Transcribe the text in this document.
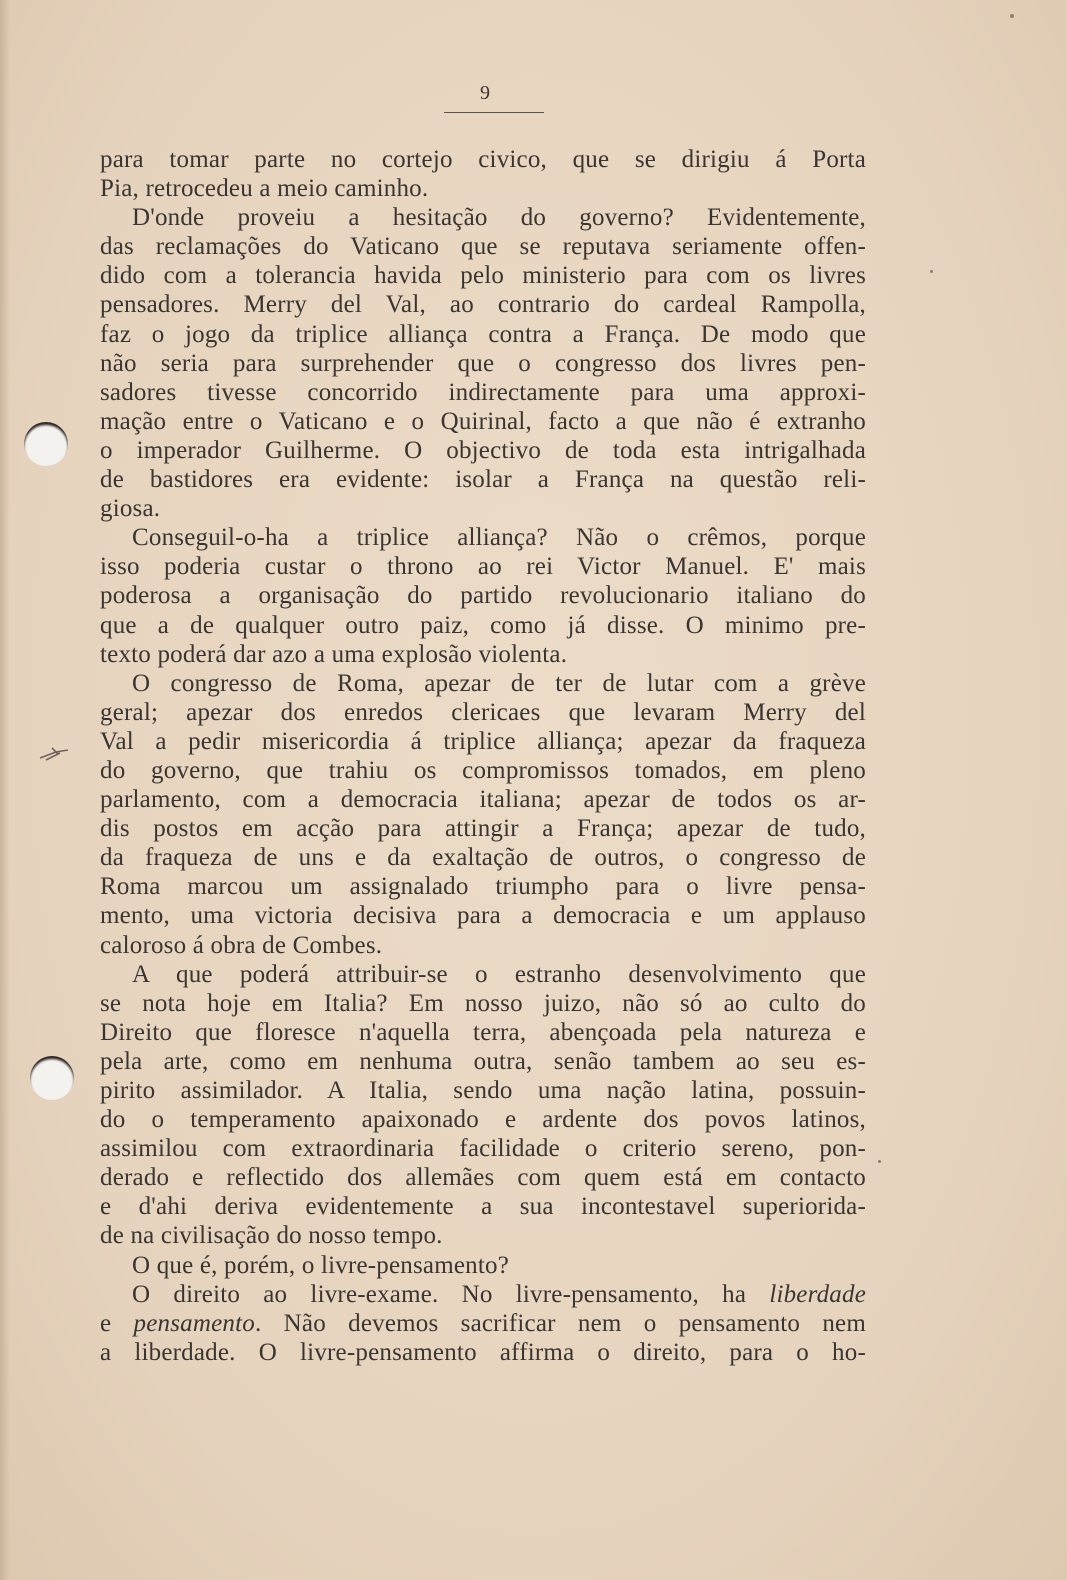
9
para tomar parte no cortejo civico, que se dirigiu á Porta
Pia, retrocedeu a meio caminho.
D'onde proveiu a hesitação do governo? Evidentemente,
das reclamações do Vaticano que se reputava seriamente offen-
dido com a tolerancia havida pelo ministerio para com os livres
pensadores. Merry del Val, ao contrario do cardeal Rampolla,
faz o jogo da triplice alliança contra a França. De modo que
não seria para surprehender que o congresso dos livres pen-
sadores tivesse concorrido indirectamente para uma approxi-
mação entre o Vaticano e o Quirinal, facto a que não é extranho
o imperador Guilherme. O objectivo de toda esta intrigalhada
de bastidores era evidente: isolar a França na questão reli-
giosa.
Conseguil-o-ha a triplice alliança? Não o crêmos, porque
isso poderia custar o throno ao rei Victor Manuel. E' mais
poderosa a organisação do partido revolucionario italiano do
que a de qualquer outro paiz, como já disse. O minimo pre-
texto poderá dar azo a uma explosão violenta.
O congresso de Roma, apezar de ter de lutar com a grève
geral; apezar dos enredos clericaes que levaram Merry del
Val a pedir misericordia á triplice alliança; apezar da fraqueza
do governo, que trahiu os compromissos tomados, em pleno
parlamento, com a democracia italiana; apezar de todos os ar-
dis postos em acção para attingir a França; apezar de tudo,
da fraqueza de uns e da exaltação de outros, o congresso de
Roma marcou um assignalado triumpho para o livre pensa-
mento, uma victoria decisiva para a democracia e um applauso
caloroso á obra de Combes.
A que poderá attribuir-se o estranho desenvolvimento que
se nota hoje em Italia? Em nosso juizo, não só ao culto do
Direito que floresce n'aquella terra, abençoada pela natureza e
pela arte, como em nenhuma outra, senão tambem ao seu es-
pirito assimilador. A Italia, sendo uma nação latina, possuin-
do o temperamento apaixonado e ardente dos povos latinos,
assimilou com extraordinaria facilidade o criterio sereno, pon-
derado e reflectido dos allemães com quem está em contacto
e d'ahi deriva evidentemente a sua incontestavel superiorida-
de na civilisação do nosso tempo.
O que é, porém, o livre-pensamento?
O direito ao livre-exame. No livre-pensamento, ha liberdade
e pensamento. Não devemos sacrificar nem o pensamento nem
a liberdade. O livre-pensamento affirma o direito, para o ho-
